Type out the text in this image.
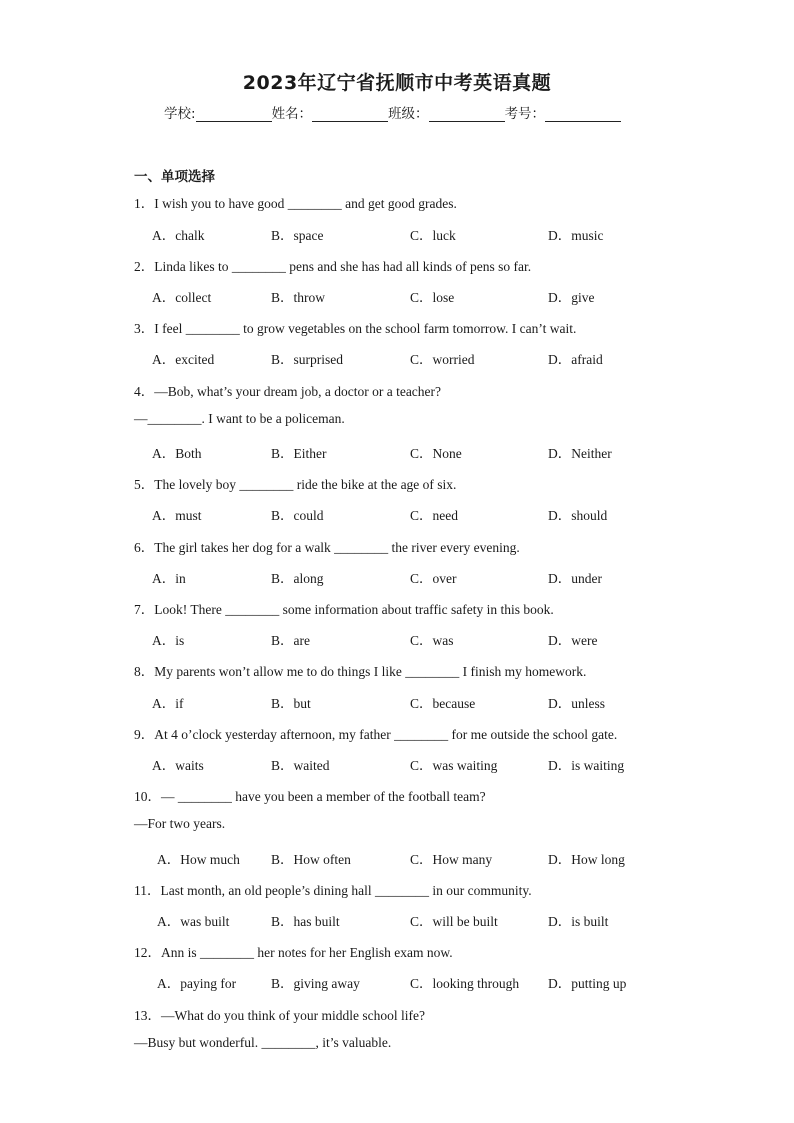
2023年辽宁省抚顺市中考英语真题
学校:	姓名：	班级：	考号：
一、单项选择
1．I wish you to have good ________ and get good grades.
A．chalk	B．space	C．luck	D．music
2．Linda likes to ________ pens and she has had all kinds of pens so far.
A．collect	B．throw	C．lose	D．give
3．I feel ________ to grow vegetables on the school farm tomorrow. I can’t wait.
A．excited	B．surprised	C．worried	D．afraid
4．—Bob, what’s your dream job, a doctor or a teacher?
—________. I want to be a policeman.
A．Both	B．Either	C．None	D．Neither
5．The lovely boy ________ ride the bike at the age of six.
A．must	B．could	C．need	D．should
6．The girl takes her dog for a walk ________ the river every evening.
A．in	B．along	C．over	D．under
7．Look! There ________ some information about traffic safety in this book.
A．is	B．are	C．was	D．were
8．My parents won’t allow me to do things I like ________ I finish my homework.
A．if	B．but	C．because	D．unless
9．At 4 o’clock yesterday afternoon, my father ________ for me outside the school gate.
A．waits	B．waited	C．was waiting	D．is waiting
10．— ________ have you been a member of the football team?
—For two years.
A．How much B．How often	C．How many	D．How long
11．Last month, an old people’s dining hall ________ in our community.
A．was built	B．has built	C．will be built	D．is built
12．Ann is ________ her notes for her English exam now.
A．paying for	B．giving away	C．looking through D．putting up
13．—What do you think of your middle school life?
—Busy but wonderful. ________, it’s valuable.
